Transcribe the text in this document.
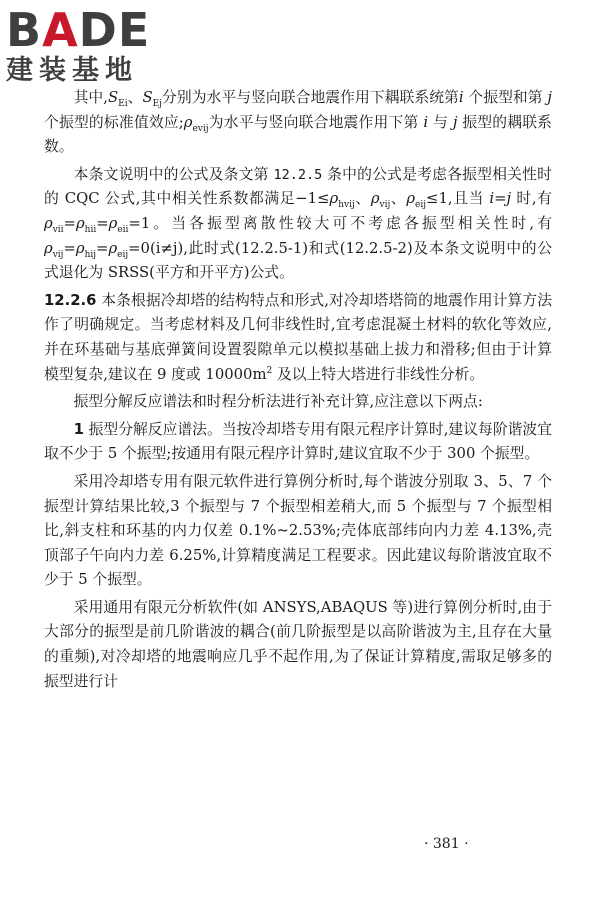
BADE
建装基地

其中$,S_{Ei}$、$S_{Ej}$分别为水平与竖向联合地震作用下耦联系统第i 个振型和第 j 个振型的标准值效应$;\rho_{evij}$为水平与竖向联合地震作用下第 i 与 j 振型的耦联系数。

本条文说明中的公式及条文第 12.2.5 条中的公式是考虑各振型相关性时的 CQC 公式,其中相关性系数都满足$-1\le\rho_{hvij}$、$\rho_{vij}$、$\rho_{eij}\le 1$,且当 i=j 时,有 $\rho_{vii}=\rho_{hii}=\rho_{eii}=1$。当各振型离散性较大可不考虑各振型相关性时,有 $\rho_{vij}=\rho_{hij}=\rho_{eij}=0(i\ne j)$,此时式(12.2.5-1)和式(12.2.5-2)及本条文说明中的公式退化为 SRSS(平方和开平方)公式。

12.2.6 本条根据冷却塔的结构特点和形式,对冷却塔塔筒的地震作用计算方法作了明确规定。当考虑材料及几何非线性时,宜考虑混凝土材料的软化等效应,并在环基础与基底弹簧间设置裂隙单元以模拟基础上拔力和滑移;但由于计算模型复杂,建议在 9 度或 $10000m^2$ 及以上特大塔进行非线性分析。

振型分解反应谱法和时程分析法进行补充计算,应注意以下两点:

1 振型分解反应谱法。当按冷却塔专用有限元程序计算时,建议每阶谐波宜取不少于 5 个振型;按通用有限元程序计算时,建议宜取不少于 300 个振型。

采用冷却塔专用有限元软件进行算例分析时,每个谐波分别取 3、5、7 个振型计算结果比较,3 个振型与 7 个振型相差稍大,而 5 个振型与 7 个振型相比,斜支柱和环基的内力仅差 0.1%~2.53%;壳体底部纬向内力差 4.13%,壳顶部子午向内力差 6.25%,计算精度满足工程要求。因此建议每阶谐波宜取不少于 5 个振型。

采用通用有限元分析软件(如 ANSYS,ABAQUS 等)进行算例分析时,由于大部分的振型是前几阶谐波的耦合(前几阶振型是以高阶谐波为主,且存在大量的重频),对冷却塔的地震响应几乎不起作用,为了保证计算精度,需取足够多的振型进行计

· 381 ·
